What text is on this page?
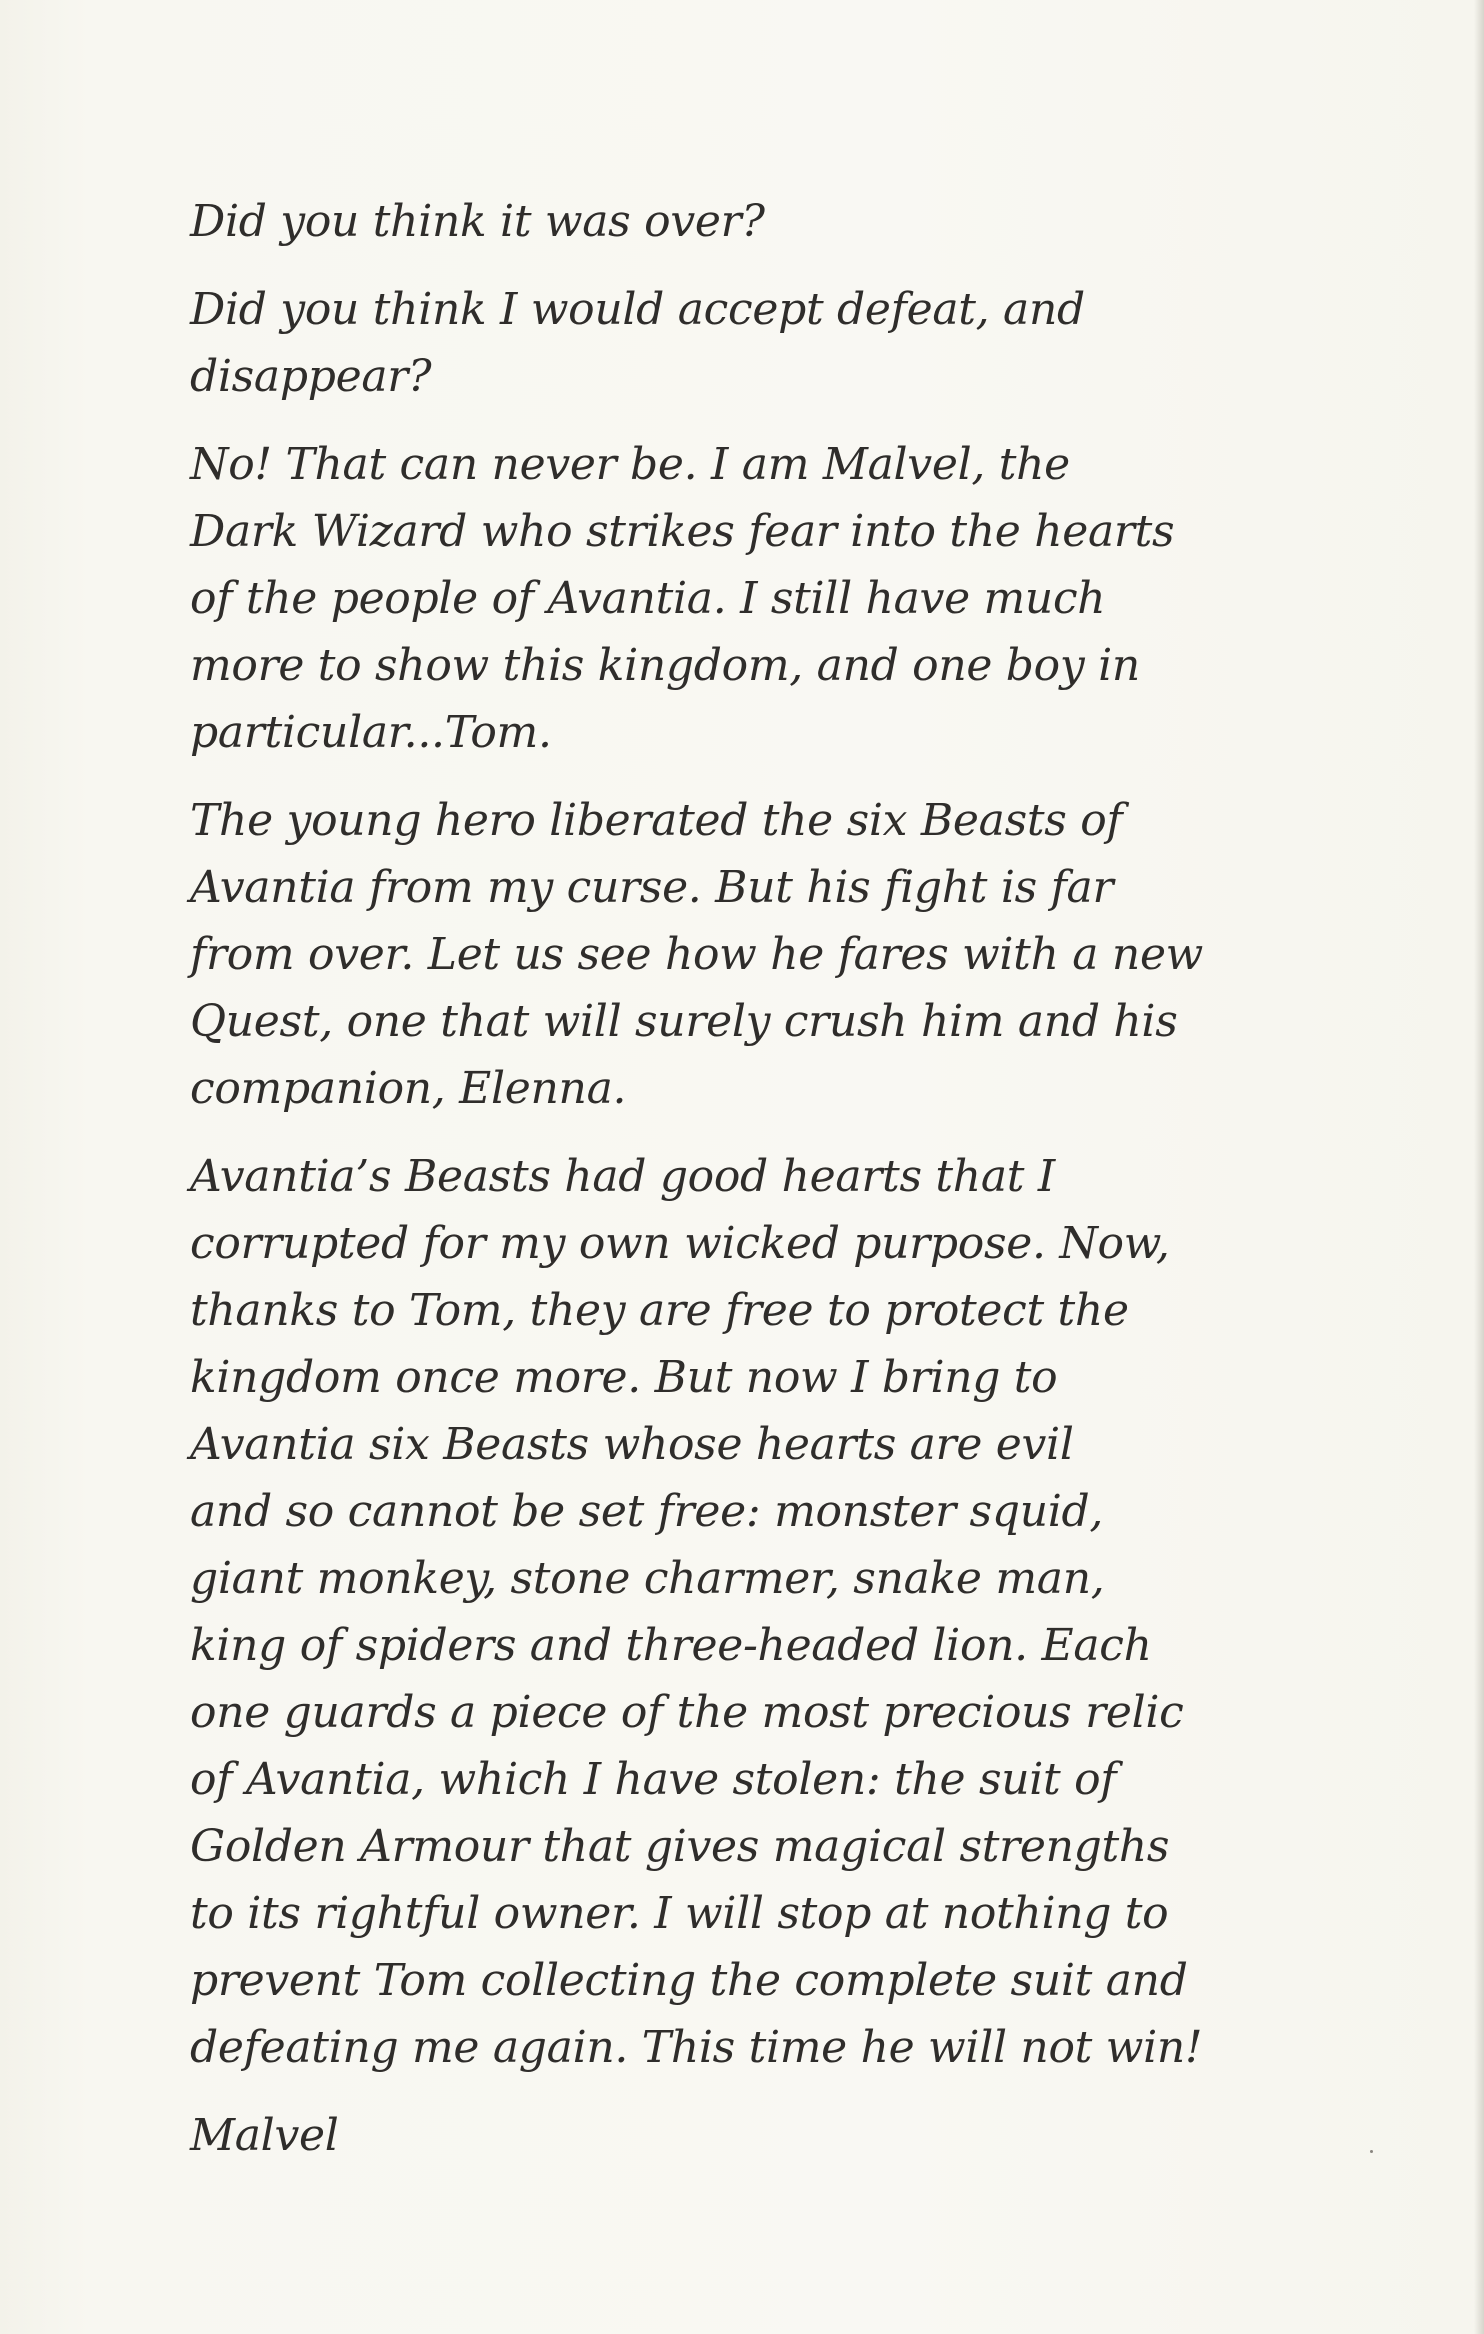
Did you think it was over?

Did you think I would accept defeat, and
disappear?

No! That can never be. I am Malvel, the
Dark Wizard who strikes fear into the hearts
of the people of Avantia. I still have much
more to show this kingdom, and one boy in
particular...Tom.

The young hero liberated the six Beasts of
Avantia from my curse. But his fight is far
from over. Let us see how he fares with a new
Quest, one that will surely crush him and his
companion, Elenna.

Avantia’s Beasts had good hearts that I
corrupted for my own wicked purpose. Now,
thanks to Tom, they are free to protect the
kingdom once more. But now I bring to
Avantia six Beasts whose hearts are evil
and so cannot be set free: monster squid,
giant monkey, stone charmer, snake man,
king of spiders and three-headed lion. Each
one guards a piece of the most precious relic
of Avantia, which I have stolen: the suit of
Golden Armour that gives magical strengths
to its rightful owner. I will stop at nothing to
prevent Tom collecting the complete suit and
defeating me again. This time he will not win!

Malvel
